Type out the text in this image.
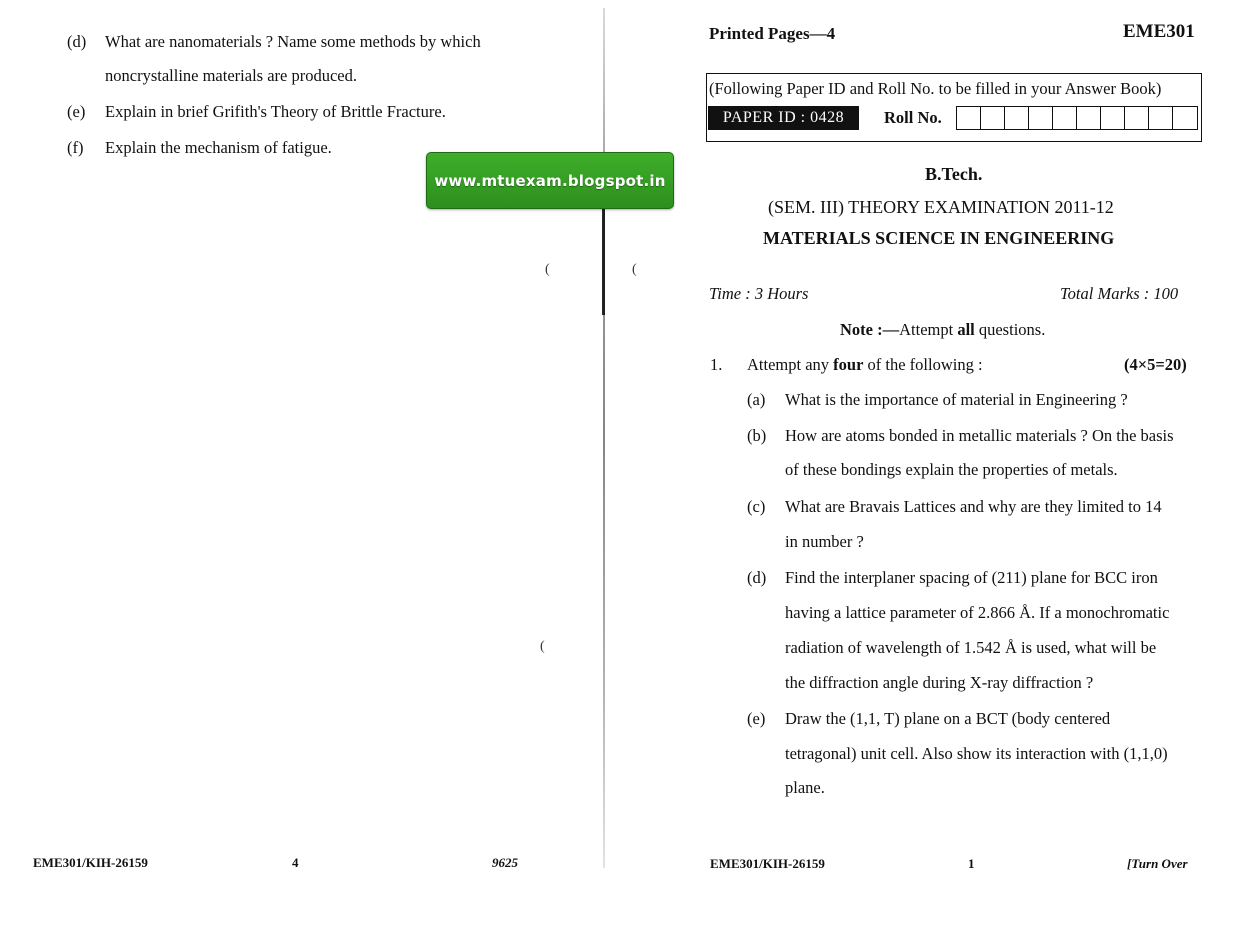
(d) What are nanomaterials ? Name some methods by which
noncrystalline materials are produced.
(e) Explain in brief Grifith's Theory of Brittle Fracture.
(f) Explain the mechanism of fatigue.
www.mtuexam.blogspot.in
(	(
(
EME301/KIH-26159	4	9625
Printed Pages—4	EME301
(Following Paper ID and Roll No. to be filled in your Answer Book)
PAPER ID : 0428	Roll No.
B.Tech.
(SEM. III) THEORY EXAMINATION 2011-12
MATERIALS SCIENCE IN ENGINEERING
Time : 3 Hours	Total Marks : 100
Note :—Attempt all questions.
1. Attempt any four of the following :	(4×5=20)
(a) What is the importance of material in Engineering ?
(b) How are atoms bonded in metallic materials ? On the basis
of these bondings explain the properties of metals.
(c) What are Bravais Lattices and why are they limited to 14
in number ?
(d) Find the interplaner spacing of (211) plane for BCC iron
having a lattice parameter of 2.866 Å. If a monochromatic
radiation of wavelength of 1.542 Å is used, what will be
the diffraction angle during X-ray diffraction ?
(e) Draw the (1,1, T) plane on a BCT (body centered
tetragonal) unit cell. Also show its interaction with (1,1,0)
plane.
EME301/KIH-26159	1	[Turn Over
